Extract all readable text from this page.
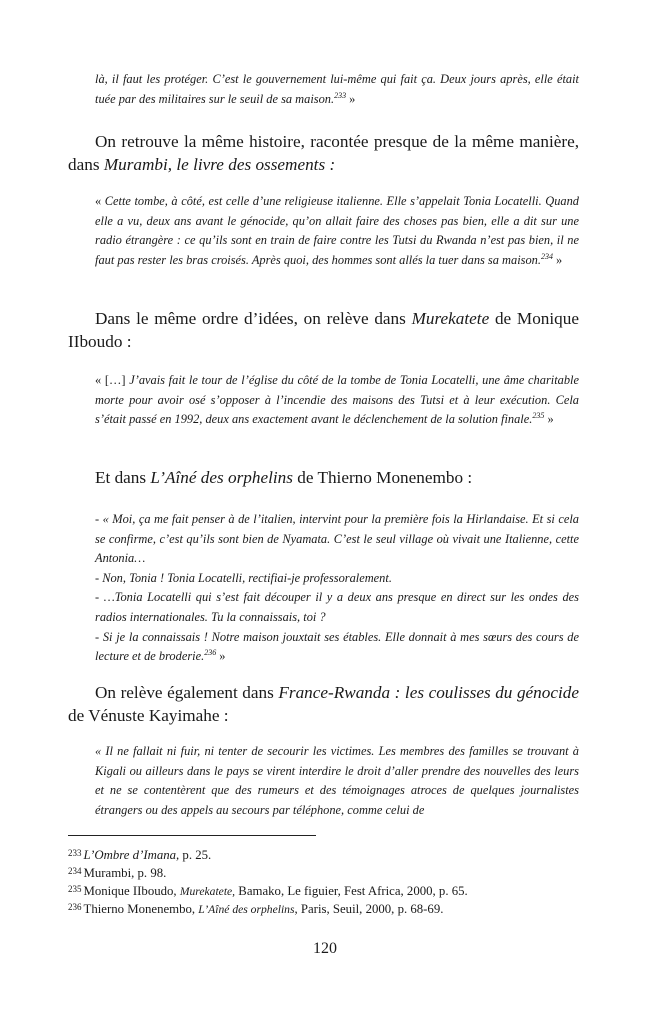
là, il faut les protéger. C’est le gouvernement lui-même qui fait ça. Deux jours après, elle était tuée par des militaires sur le seuil de sa maison.$^{233}$ »
On retrouve la même histoire, racontée presque de la même manière, dans Murambi, le livre des ossements :
« Cette tombe, à côté, est celle d’une religieuse italienne. Elle s’appelait Tonia Locatelli. Quand elle a vu, deux ans avant le génocide, qu’on allait faire des choses pas bien, elle a dit sur une radio étrangère : ce qu’ils sont en train de faire contre les Tutsi du Rwanda n’est pas bien, il ne faut pas rester les bras croisés. Après quoi, des hommes sont allés la tuer dans sa maison.$^{234}$ »
Dans le même ordre d’idées, on relève dans Murekatete de Monique IIboudo :
« […] J’avais fait le tour de l’église du côté de la tombe de Tonia Locatelli, une âme charitable morte pour avoir osé s’opposer à l’incendie des maisons des Tutsi et à leur exécution. Cela s’était passé en 1992, deux ans exactement avant le déclenchement de la solution finale.$^{235}$ »
Et dans L’Aîné des orphelins de Thierno Monenembo :
- « Moi, ça me fait penser à de l’italien, intervint pour la première fois la Hirlandaise. Et si cela se confirme, c’est qu’ils sont bien de Nyamata. C’est le seul village où vivait une Italienne, cette Antonia…
- Non, Tonia ! Tonia Locatelli, rectifiai-je professoralement.
- …Tonia Locatelli qui s’est fait découper il y a deux ans presque en direct sur les ondes des radios internationales. Tu la connaissais, toi ?
- Si je la connaissais ! Notre maison jouxtait ses étables. Elle donnait à mes sœurs des cours de lecture et de broderie.$^{236}$ »
On relève également dans France-Rwanda : les coulisses du génocide de Vénuste Kayimahe :
« Il ne fallait ni fuir, ni tenter de secourir les victimes. Les membres des familles se trouvant à Kigali ou ailleurs dans le pays se virent interdire le droit d’aller prendre des nouvelles des leurs et ne se contentèrent que des rumeurs et des témoignages atroces de quelques journalistes étrangers ou des appels au secours par téléphone, comme celui de
$^{233}$ L’Ombre d’Imana, p. 25.
$^{234}$ Murambi, p. 98.
$^{235}$ Monique IIboudo, Murekatete, Bamako, Le figuier, Fest Africa, 2000, p. 65.
$^{236}$ Thierno Monenembo, L’Aîné des orphelins, Paris, Seuil, 2000, p. 68-69.
120
